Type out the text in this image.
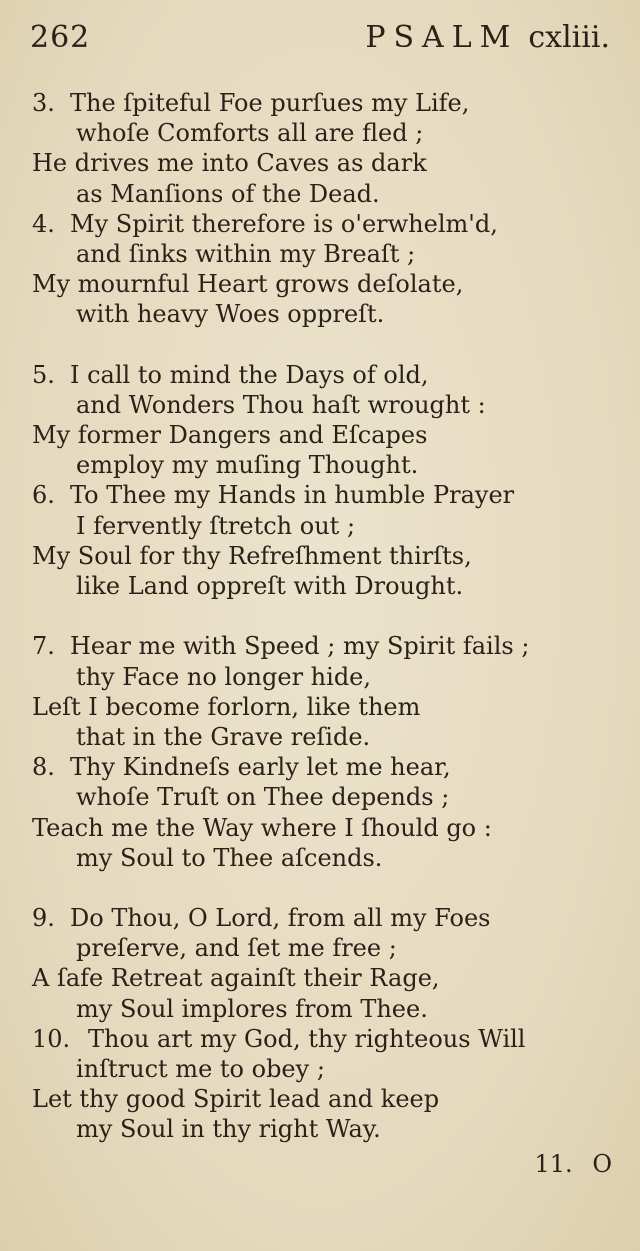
262	PSALM cxliii.
3. The ſpiteful Foe purſues my Life,
whoſe Comforts all are fled ;
He drives me into Caves as dark
as Manſions of the Dead.
4. My Spirit therefore is o'erwhelm'd,
and ſinks within my Breaſt ;
My mournful Heart grows deſolate,
with heavy Woes oppreſt.
5. I call to mind the Days of old,
and Wonders Thou haſt wrought :
My former Dangers and Eſcapes
employ my muſing Thought.
6. To Thee my Hands in humble Prayer
I fervently ſtretch out ;
My Soul for thy Refreſhment thirſts,
like Land oppreſt with Drought.
7. Hear me with Speed ; my Spirit fails ;
thy Face no longer hide,
Leſt I become forlorn, like them
that in the Grave reſide.
8. Thy Kindneſs early let me hear,
whoſe Truſt on Thee depends ;
Teach me the Way where I ſhould go :
my Soul to Thee aſcends.
9. Do Thou, O Lord, from all my Foes
preſerve, and ſet me free ;
A ſafe Retreat againſt their Rage,
my Soul implores from Thee.
10. Thou art my God, thy righteous Will
inſtruct me to obey ;
Let thy good Spirit lead and keep
my Soul in thy right Way.
11. O
